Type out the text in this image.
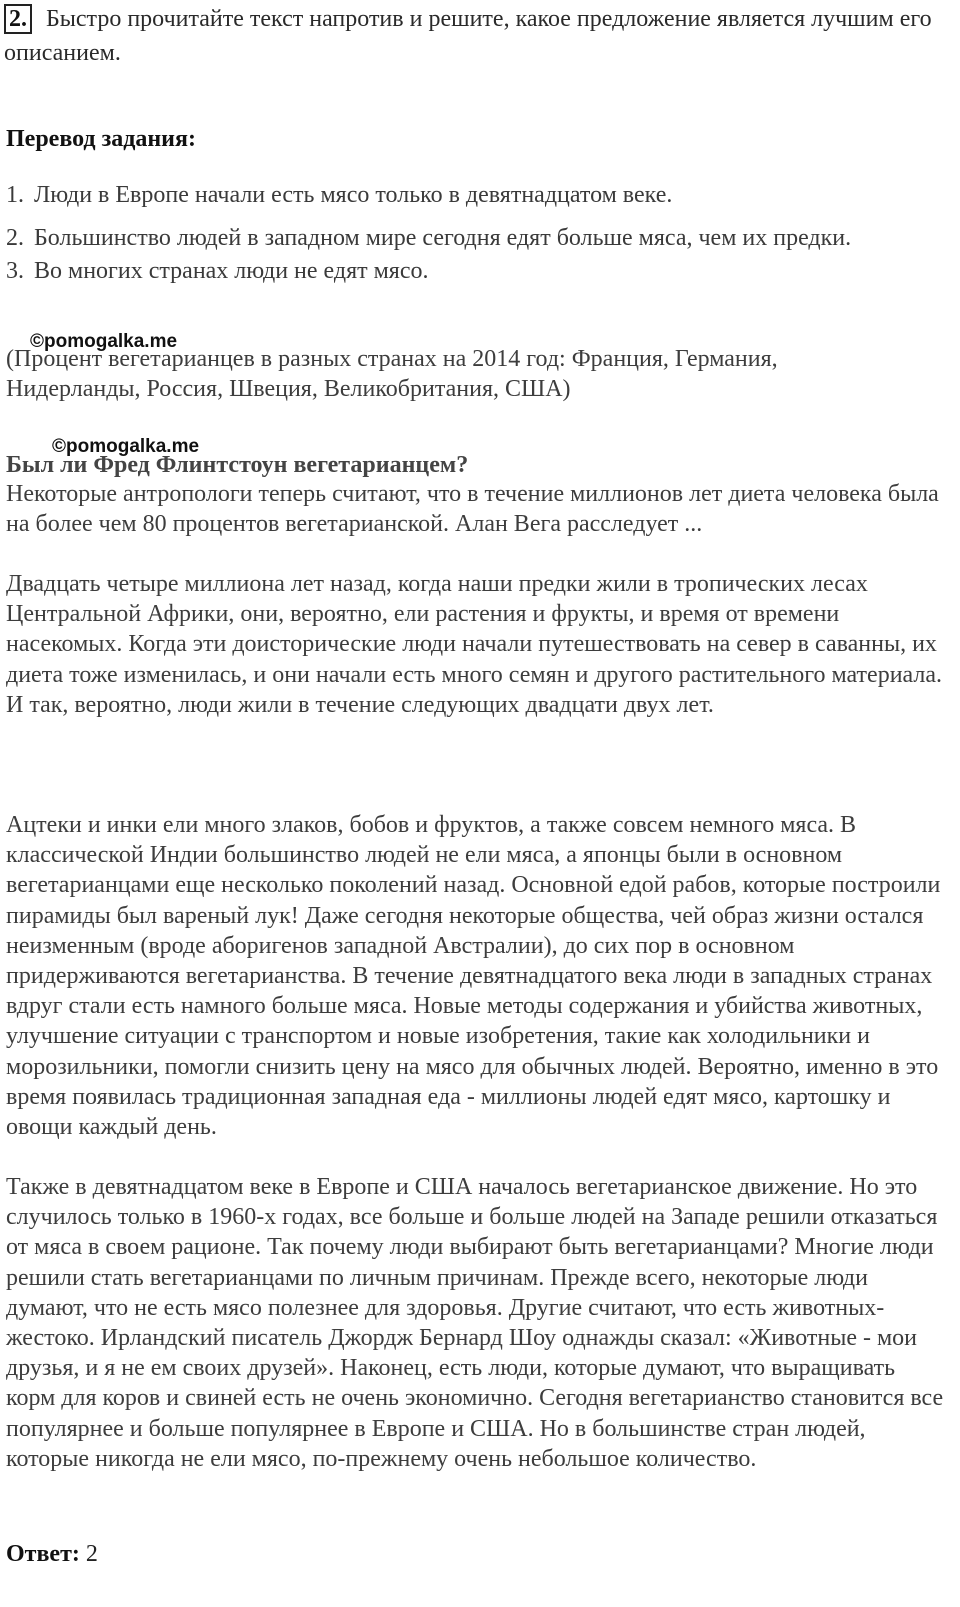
2. Быстро прочитайте текст напротив и решите, какое предложение является лучшим его описанием.
Перевод задания:
1. Люди в Европе начали есть мясо только в девятнадцатом веке.
2. Большинство людей в западном мире сегодня едят больше мяса, чем их предки.
3. Во многих странах люди не едят мясо.
©pomogalka.me
(Процент вегетарианцев в разных странах на 2014 год: Франция, Германия, Нидерланды, Россия, Швеция, Великобритания, США)
©pomogalka.me
Был ли Фред Флинтстоун вегетарианцем?
Некоторые антропологи теперь считают, что в течение миллионов лет диета человека была на более чем 80 процентов вегетарианской. Алан Вега расследует ...
Двадцать четыре миллиона лет назад, когда наши предки жили в тропических лесах Центральной Африки, они, вероятно, ели растения и фрукты, и время от времени насекомых. Когда эти доисторические люди начали путешествовать на север в саванны, их диета тоже изменилась, и они начали есть много семян и другого растительного материала. И так, вероятно, люди жили в течение следующих двадцати двух лет.
Ацтеки и инки ели много злаков, бобов и фруктов, а также совсем немного мяса. В классической Индии большинство людей не ели мяса, а японцы были в основном вегетарианцами еще несколько поколений назад. Основной едой рабов, которые построили пирамиды был вареный лук! Даже сегодня некоторые общества, чей образ жизни остался неизменным (вроде аборигенов западной Австралии), до сих пор в основном придерживаются вегетарианства. В течение девятнадцатого века люди в западных странах вдруг стали есть намного больше мяса. Новые методы содержания и убийства животных, улучшение ситуации с транспортом и новые изобретения, такие как холодильники и морозильники, помогли снизить цену на мясо для обычных людей. Вероятно, именно в это время появилась традиционная западная еда - миллионы людей едят мясо, картошку и овощи каждый день.
Также в девятнадцатом веке в Европе и США началось вегетарианское движение. Но это случилось только в 1960-х годах, все больше и больше людей на Западе решили отказаться от мяса в своем рационе. Так почему люди выбирают быть вегетарианцами? Многие люди решили стать вегетарианцами по личным причинам. Прежде всего, некоторые люди думают, что не есть мясо полезнее для здоровья. Другие считают, что есть животных-жестоко. Ирландский писатель Джордж Бернард Шоу однажды сказал: «Животные - мои друзья, и я не ем своих друзей». Наконец, есть люди, которые думают, что выращивать корм для коров и свиней есть не очень экономично. Сегодня вегетарианство становится все популярнее и больше популярнее в Европе и США. Но в большинстве стран людей, которые никогда не ели мясо, по-прежнему очень небольшое количество.
Ответ: 2
